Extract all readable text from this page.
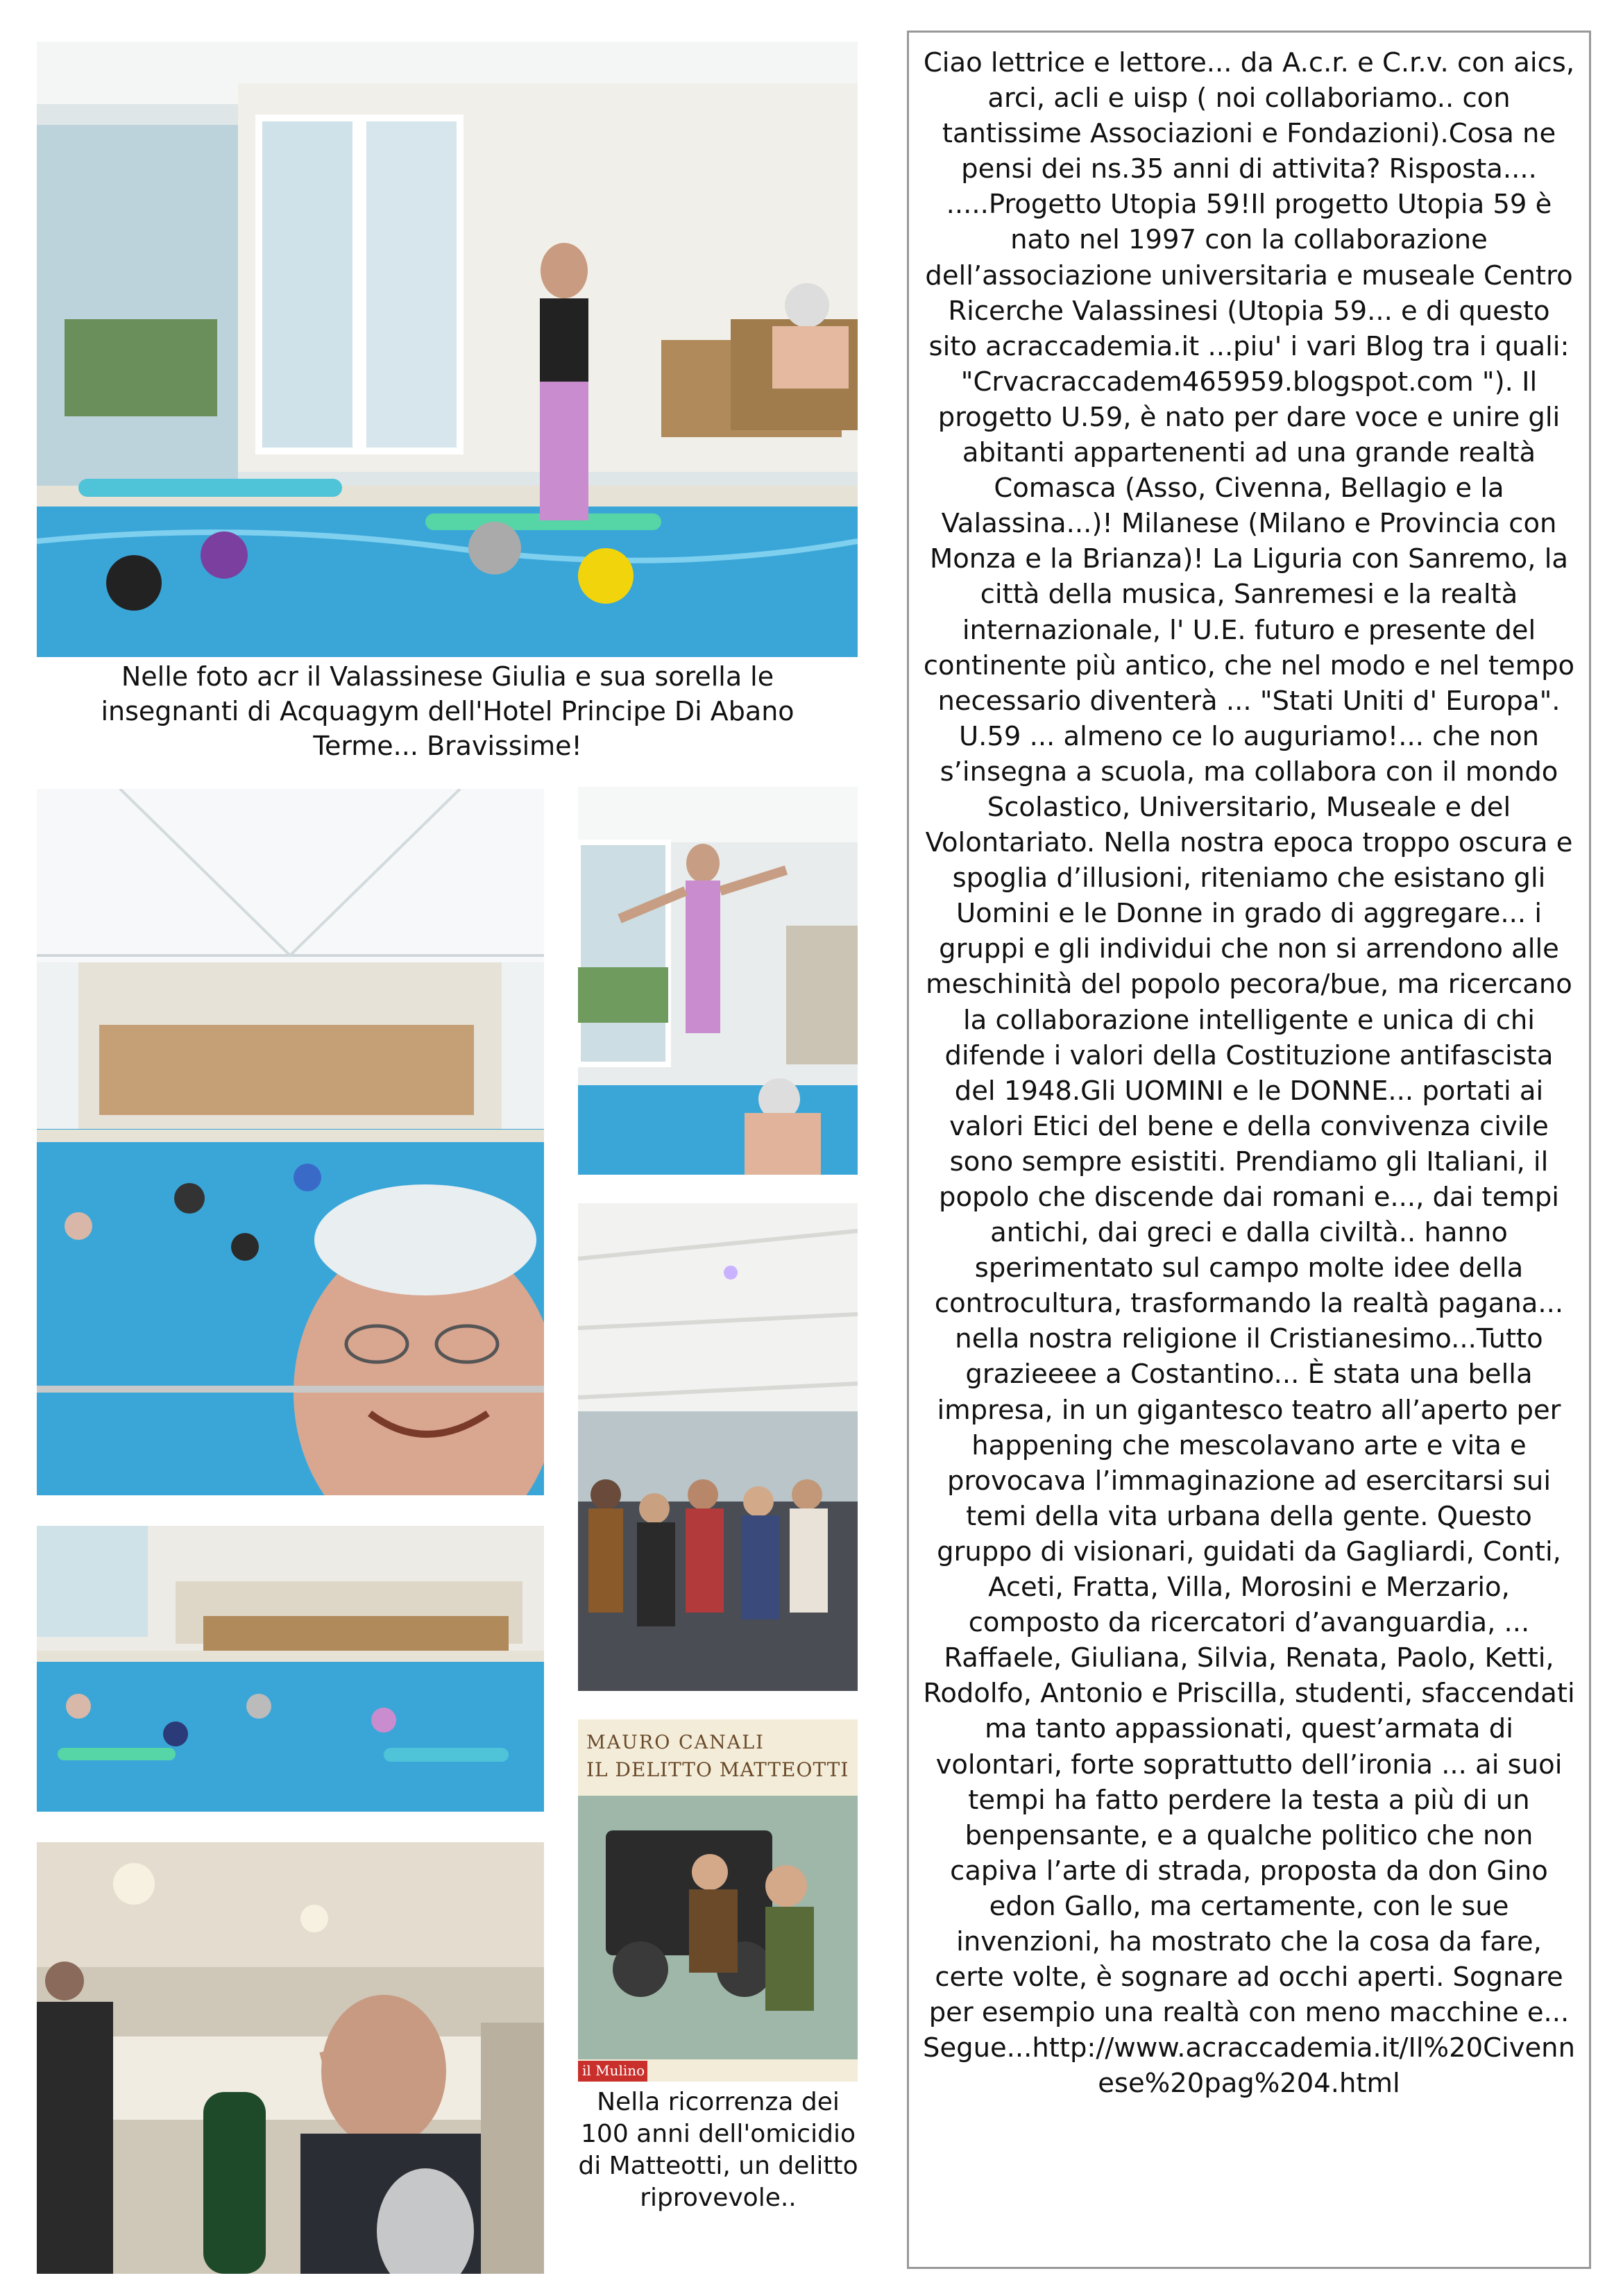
Nelle foto acr il Valassinese Giulia e sua sorella le insegnanti di Acquagym dell'Hotel Principe Di Abano Terme... Bravissime!

MAURO CANALI
IL DELITTO MATTEOTTI
il Mulino

Nella ricorrenza dei 100 anni dell'omicidio di Matteotti, un delitto riprovevole..

Ciao lettrice e lettore... da A.c.r. e C.r.v. con aics, arci, acli e uisp ( noi collaboriamo.. con tantissime Associazioni e Fondazioni).Cosa ne pensi dei ns.35 anni di attivita? Risposta.... .....Progetto Utopia 59!Il progetto Utopia 59 è nato nel 1997 con la collaborazione dell’associazione universitaria e museale Centro Ricerche Valassinesi (Utopia 59... e di questo sito acraccademia.it ...piu' i vari Blog tra i quali: "Crvacraccadem465959.blogspot.com "). Il progetto U.59, è nato per dare voce e unire gli abitanti appartenenti ad una grande realtà Comasca (Asso, Civenna, Bellagio e la Valassina...)! Milanese (Milano e Provincia con Monza e la Brianza)! La Liguria con Sanremo, la città della musica, Sanremesi e la realtà internazionale, l' U.E. futuro e presente del continente più antico, che nel modo e nel tempo necessario diventerà ... "Stati Uniti d' Europa". U.59 ... almeno ce lo auguriamo!... che non s’insegna a scuola, ma collabora con il mondo Scolastico, Universitario, Museale e del Volontariato. Nella nostra epoca troppo oscura e spoglia d’illusioni, riteniamo che esistano gli Uomini e le Donne in grado di aggregare... i gruppi e gli individui che non si arrendono alle meschinità del popolo pecora/bue, ma ricercano la collaborazione intelligente e unica di chi difende i valori della Costituzione antifascista del 1948.Gli UOMINI e le DONNE... portati ai valori Etici del bene e della convivenza civile sono sempre esistiti. Prendiamo gli Italiani, il popolo che discende dai romani e..., dai tempi antichi, dai greci e dalla civiltà.. hanno sperimentato sul campo molte idee della controcultura, trasformando la realtà pagana... nella nostra religione il Cristianesimo...Tutto grazieeee a Costantino... È stata una bella impresa, in un gigantesco teatro all’aperto per happening che mescolavano arte e vita e provocava l’immaginazione ad esercitarsi sui temi della vita urbana della gente. Questo gruppo di visionari, guidati da Gagliardi, Conti, Aceti, Fratta, Villa, Morosini e Merzario, composto da ricercatori d’avanguardia, ... Raffaele, Giuliana, Silvia, Renata, Paolo, Ketti, Rodolfo, Antonio e Priscilla, studenti, sfaccendati ma tanto appassionati, quest’armata di volontari, forte soprattutto dell’ironia ... ai suoi tempi ha fatto perdere la testa a più di un benpensante, e a qualche politico che non capiva l’arte di strada, proposta da don Gino edon Gallo, ma certamente, con le sue invenzioni, ha mostrato che la cosa da fare, certe volte, è sognare ad occhi aperti. Sognare per esempio una realtà con meno macchine e... Segue...http://www.acraccademia.it/Il%20Civennese%20pag%204.html
